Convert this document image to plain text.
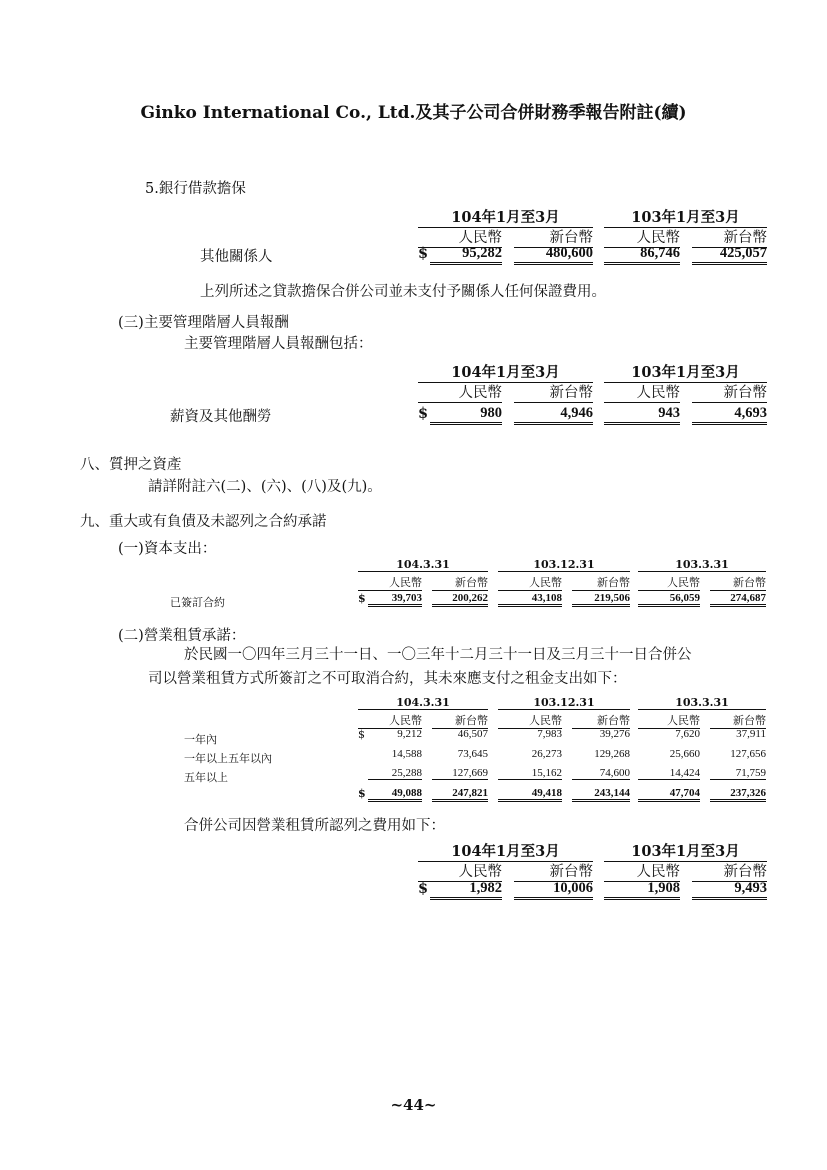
Ginko International Co., Ltd.及其子公司合併財務季報告附註(續)
5.銀行借款擔保
104年1月至3月	103年1月至3月
人民幣	新台幣	人民幣	新台幣
其他關係人	$	95,282	480,600	86,746	425,057
上列所述之貸款擔保合併公司並未支付予關係人任何保證費用。
(三)主要管理階層人員報酬
主要管理階層人員報酬包括：
104年1月至3月	103年1月至3月
人民幣	新台幣	人民幣	新台幣
薪資及其他酬勞	$	980	4,946	943	4,693
八、質押之資產
請詳附註六(二)、(六)、(八)及(九)。
九、重大或有負債及未認列之合約承諾
(一)資本支出：
104.3.31	103.12.31	103.3.31
人民幣	新台幣	人民幣	新台幣	人民幣	新台幣
已簽訂合約	$	39,703	200,262	43,108	219,506	56,059	274,687
(二)營業租賃承諾：
於民國一〇四年三月三十一日、一〇三年十二月三十一日及三月三十一日合併公
司以營業租賃方式所簽訂之不可取消合約，其未來應支付之租金支出如下：
104.3.31	103.12.31	103.3.31
人民幣	新台幣	人民幣	新台幣	人民幣	新台幣
一年內	$	9,212	46,507	7,983	39,276	7,620	37,911
一年以上五年以內	14,588	73,645	26,273	129,268	25,660	127,656
五年以上	25,288	127,669	15,162	74,600	14,424	71,759
$	49,088	247,821	49,418	243,144	47,704	237,326
合併公司因營業租賃所認列之費用如下：
104年1月至3月	103年1月至3月
人民幣	新台幣	人民幣	新台幣
$	1,982	10,006	1,908	9,493
~44~
